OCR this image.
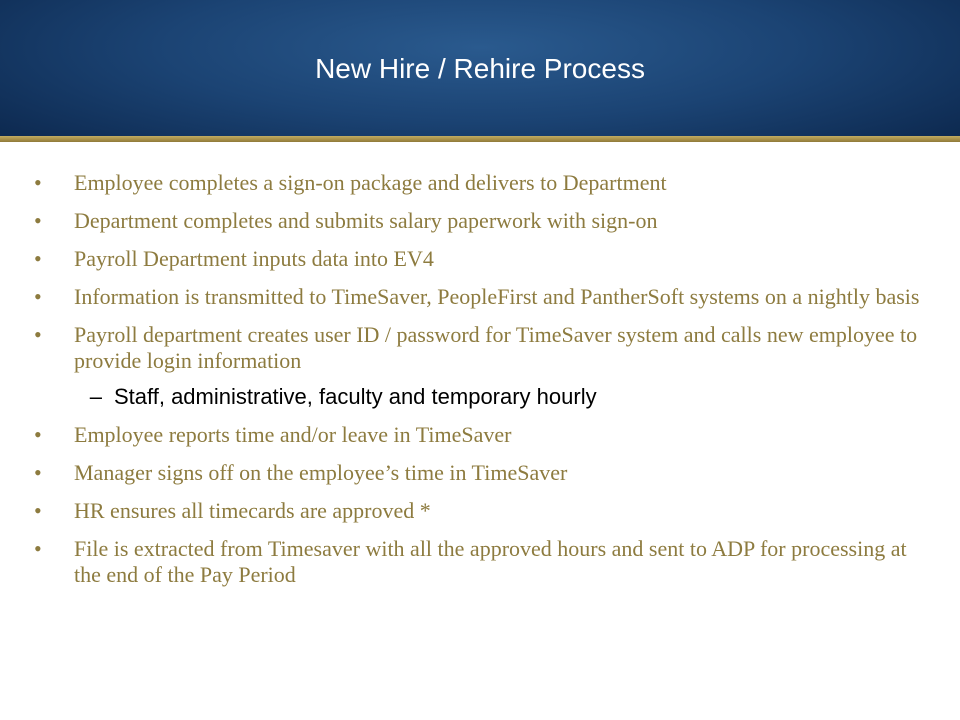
New Hire / Rehire Process
•	Employee completes a sign-on package and delivers to Department
•	Department completes and submits salary paperwork with sign-on
•	Payroll Department inputs data into EV4
•	Information is transmitted to TimeSaver, PeopleFirst and PantherSoft systems on a nightly basis
•	Payroll department creates user ID / password for TimeSaver system and calls new employee to provide login information
– Staff, administrative, faculty and temporary hourly
•	Employee reports time and/or leave in TimeSaver
•	Manager signs off on the employee’s time in TimeSaver
•	HR ensures all timecards are approved *
•	File is extracted from Timesaver with all the approved hours and sent to ADP for processing at the end of the Pay Period
